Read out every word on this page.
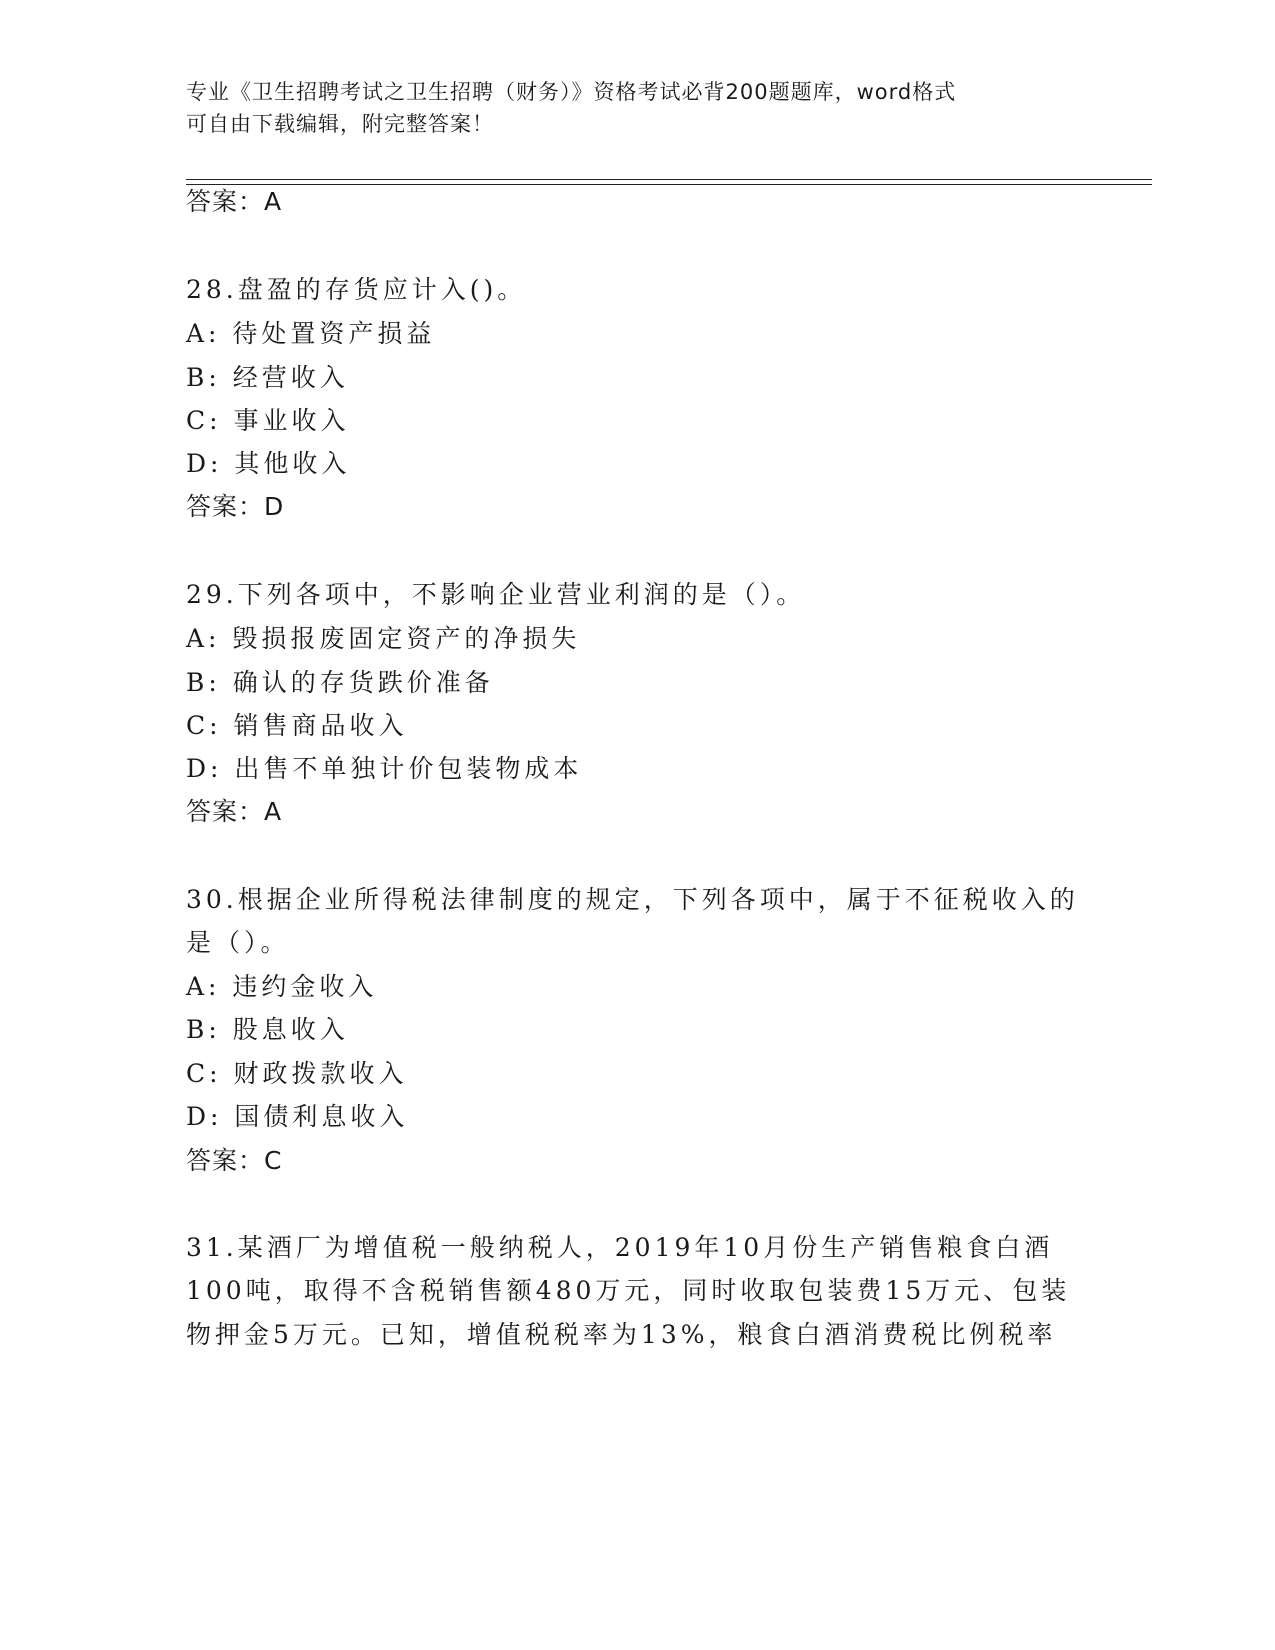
专业《卫生招聘考试之卫生招聘（财务）》资格考试必背200题题库，word格式
可自由下载编辑，附完整答案！
答案：A
28.盘盈的存货应计入()。
A: 待处置资产损益
B: 经营收入
C: 事业收入
D: 其他收入
答案：D
29.下列各项中，不影响企业营业利润的是（）。
A: 毁损报废固定资产的净损失
B: 确认的存货跌价准备
C: 销售商品收入
D: 出售不单独计价包装物成本
答案：A
30.根据企业所得税法律制度的规定，下列各项中，属于不征税收入的
是（）。
A: 违约金收入
B: 股息收入
C: 财政拨款收入
D: 国债利息收入
答案：C
31.某酒厂为增值税一般纳税人，2019年10月份生产销售粮食白酒
100吨，取得不含税销售额480万元，同时收取包装费15万元、包装
物押金5万元。已知，增值税税率为13%，粮食白酒消费税比例税率
